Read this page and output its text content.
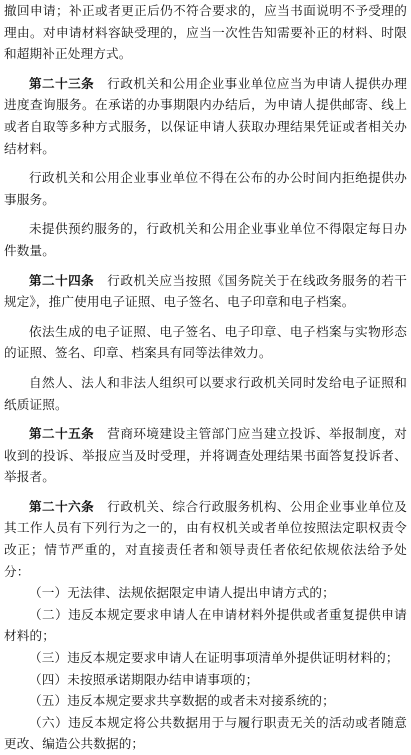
撤回申请；补正或者更正后仍不符合要求的，应当书面说明不予受理的理由。对申请材料容缺受理的，应当一次性告知需要补正的材料、时限和超期补正处理方式。

第二十三条　 行政机关和公用企业事业单位应当为申请人提供办理进度查询服务。在承诺的办事期限内办结后，为申请人提供邮寄、线上或者自取等多种方式服务，以保证申请人获取办理结果凭证或者相关办结材料。

行政机关和公用企业事业单位不得在公布的办公时间内拒绝提供办事服务。

未提供预约服务的，行政机关和公用企业事业单位不得限定每日办件数量。

第二十四条　 行政机关应当按照《国务院关于在线政务服务的若干规定》，推广使用电子证照、电子签名、电子印章和电子档案。

依法生成的电子证照、电子签名、电子印章、电子档案与实物形态的证照、签名、印章、档案具有同等法律效力。

自然人、法人和非法人组织可以要求行政机关同时发给电子证照和纸质证照。

第二十五条　 营商环境建设主管部门应当建立投诉、举报制度，对收到的投诉、举报应当及时受理，并将调查处理结果书面答复投诉者、举报者。

第二十六条　 行政机关、综合行政服务机构、公用企业事业单位及其工作人员有下列行为之一的，由有权机关或者单位按照法定职权责令改正；情节严重的，对直接责任者和领导责任者依纪依规依法给予处分：

（一）无法律、法规依据限定申请人提出申请方式的；

（二）违反本规定要求申请人在申请材料外提供或者重复提供申请材料的；

（三）违反本规定要求申请人在证明事项清单外提供证明材料的；

（四）未按照承诺期限办结申请事项的；

（五）违反本规定要求共享数据的或者未对接系统的；

（六）违反本规定将公共数据用于与履行职责无关的活动或者随意更改、编造公共数据的；
